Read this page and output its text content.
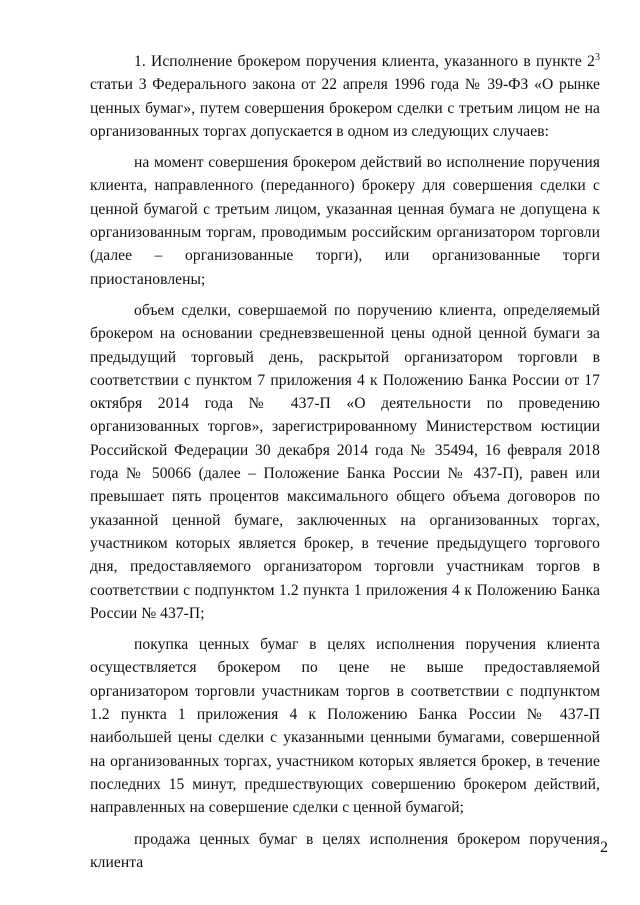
1. Исполнение брокером поручения клиента, указанного в пункте $2^3$ статьи 3 Федерального закона от 22 апреля 1996 года № 39-ФЗ «О рынке ценных бумаг», путем совершения брокером сделки с третьим лицом не на организованных торгах допускается в одном из следующих случаев:

на момент совершения брокером действий во исполнение поручения клиента, направленного (переданного) брокеру для совершения сделки с ценной бумагой с третьим лицом, указанная ценная бумага не допущена к организованным торгам, проводимым российским организатором торговли (далее – организованные торги), или организованные торги приостановлены;

объем сделки, совершаемой по поручению клиента, определяемый брокером на основании средневзвешенной цены одной ценной бумаги за предыдущий торговый день, раскрытой организатором торговли в соответствии с пунктом 7 приложения 4 к Положению Банка России от 17 октября 2014 года № 437-П «О деятельности по проведению организованных торгов», зарегистрированному Министерством юстиции Российской Федерации 30 декабря 2014 года № 35494, 16 февраля 2018 года № 50066 (далее – Положение Банка России № 437-П), равен или превышает пять процентов максимального общего объема договоров по указанной ценной бумаге, заключенных на организованных торгах, участником которых является брокер, в течение предыдущего торгового дня, предоставляемого организатором торговли участникам торгов в соответствии с подпунктом 1.2 пункта 1 приложения 4 к Положению Банка России № 437-П;

покупка ценных бумаг в целях исполнения поручения клиента осуществляется брокером по цене не выше предоставляемой организатором торговли участникам торгов в соответствии с подпунктом 1.2 пункта 1 приложения 4 к Положению Банка России № 437-П наибольшей цены сделки с указанными ценными бумагами, совершенной на организованных торгах, участником которых является брокер, в течение последних 15 минут, предшествующих совершению брокером действий, направленных на совершение сделки с ценной бумагой;

продажа ценных бумаг в целях исполнения брокером поручения клиента

2
